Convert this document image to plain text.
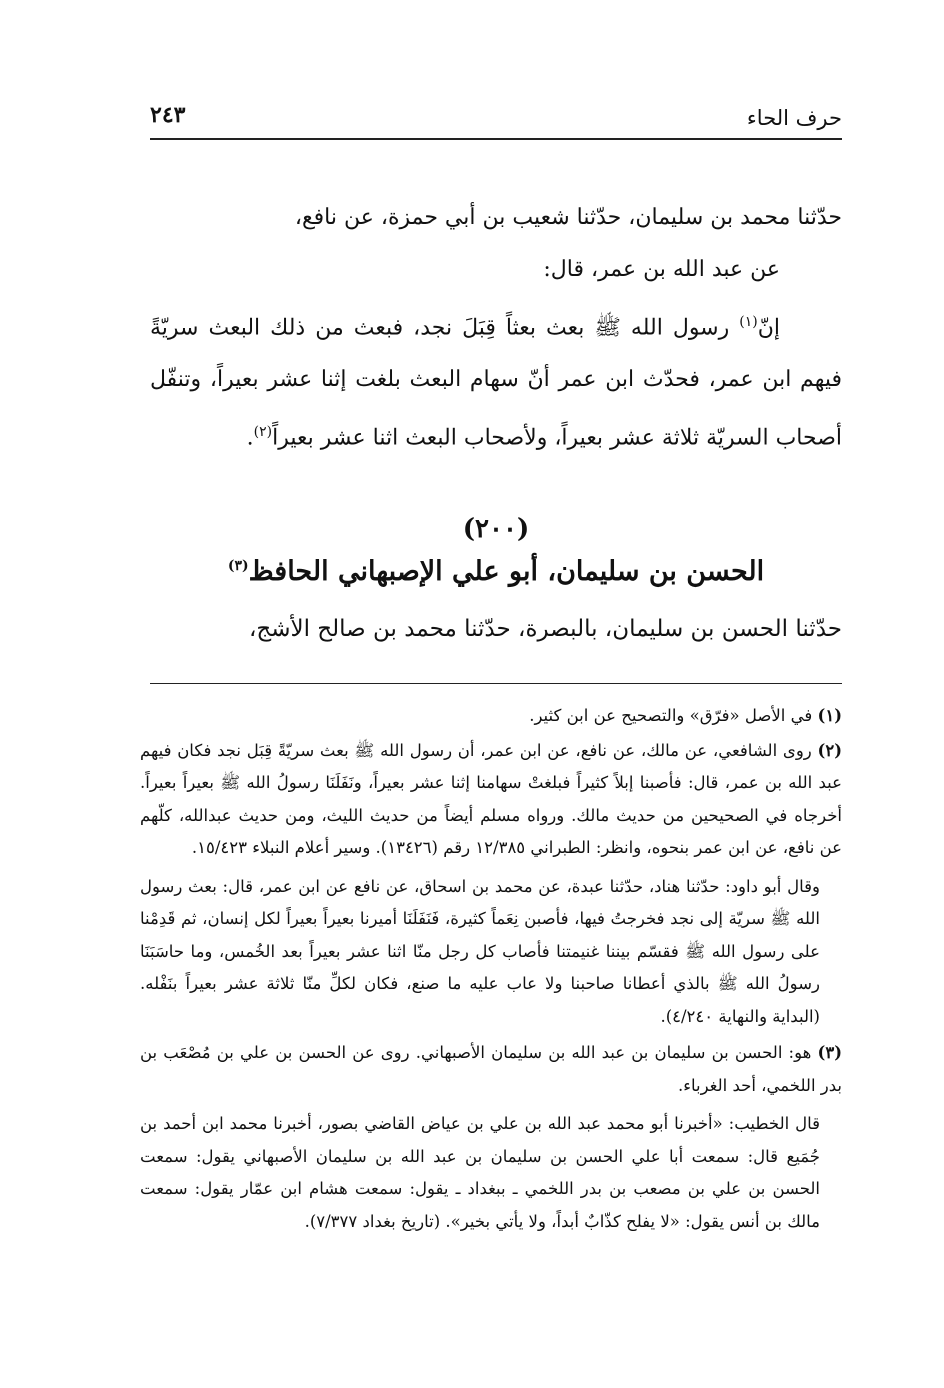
حرف الحاء
٢٤٣

حدّثنا محمد بن سليمان، حدّثنا شعيب بن أبي حمزة، عن نافع،

عن عبد الله بن عمر، قال:

إنّ$^{(١)}$ رسول الله ﷺ بعث بعثاً قِبَلَ نجد، فبعث من ذلك البعث سريّةً فيهم ابن عمر، فحدّث ابن عمر أنّ سهام البعث بلغت إثنا عشر بعيراً، وتنفّل أصحاب السريّة ثلاثة عشر بعيراً، ولأصحاب البعث اثنا عشر بعيراً$^{(٢)}$.

(٢٠٠)
الحسن بن سليمان، أبو علي الإصبهاني الحافظ$^{(٣)}$
حدّثنا الحسن بن سليمان، بالبصرة، حدّثنا محمد بن صالح الأشج،
(١) في الأصل «فرّق» والتصحيح عن ابن كثير.
(٢) روى الشافعي، عن مالك، عن نافع، عن ابن عمر، أن رسول الله ﷺ بعث سريّةً قِبَل نجد فكان فيهم عبد الله بن عمر، قال: فأصبنا إبلاً كثيراً فبلغتْ سهامنا إثنا عشر بعيراً، ونَفَلَنَا رسولُ الله ﷺ بعيراً بعيراً. أخرجاه في الصحيحين من حديث مالك. ورواه مسلم أيضاً من حديث الليث، ومن حديث عبدالله، كلّهم عن نافع، عن ابن عمر بنحوه، وانظر: الطبراني ١٢/٣٨٥ رقم (١٣٤٢٦). وسير أعلام النبلاء ١٥/٤٢٣.

وقال أبو داود: حدّثنا هناد، حدّثنا عبدة، عن محمد بن اسحاق، عن نافع عن ابن عمر، قال: بعث رسول الله ﷺ سريّة إلى نجد فخرجتُ فيها، فأصبن نِعَماً كثيرة، فَنَفَلَنَا أميرنا بعيراً بعيراً لكل إنسان، ثم قَدِمْنا على رسول الله ﷺ فقسّم بيننا غنيمتنا فأصاب كل رجل منّا اثنا عشر بعيراً بعد الخُمس، وما حاسَبَنَا رسولُ الله ﷺ بالذي أعطانا صاحبنا ولا عاب عليه ما صنع، فكان لكلِّ منّا ثلاثة عشر بعيراً بنَفْله. (البداية والنهاية ٤/٢٤٠).

(٣) هو: الحسن بن سليمان بن عبد الله بن سليمان الأصبهاني. روى عن الحسن بن علي بن مُصْعَب بن بدر اللخمي، أحد الغرباء.

قال الخطيب: «أخبرنا أبو محمد عبد الله بن علي بن عياض القاضي بصور، أخبرنا محمد ابن أحمد بن جُمَيع قال: سمعت أبا علي الحسن بن سليمان بن عبد الله بن سليمان الأصبهاني يقول: سمعت الحسن بن علي بن مصعب بن بدر اللخمي ـ ببغداد ـ يقول: سمعت هشام ابن عمّار يقول: سمعت مالك بن أنس يقول: «لا يفلح كذّابٌ أبداً، ولا يأتي بخير». (تاريخ بغداد ٧/٣٧٧).
